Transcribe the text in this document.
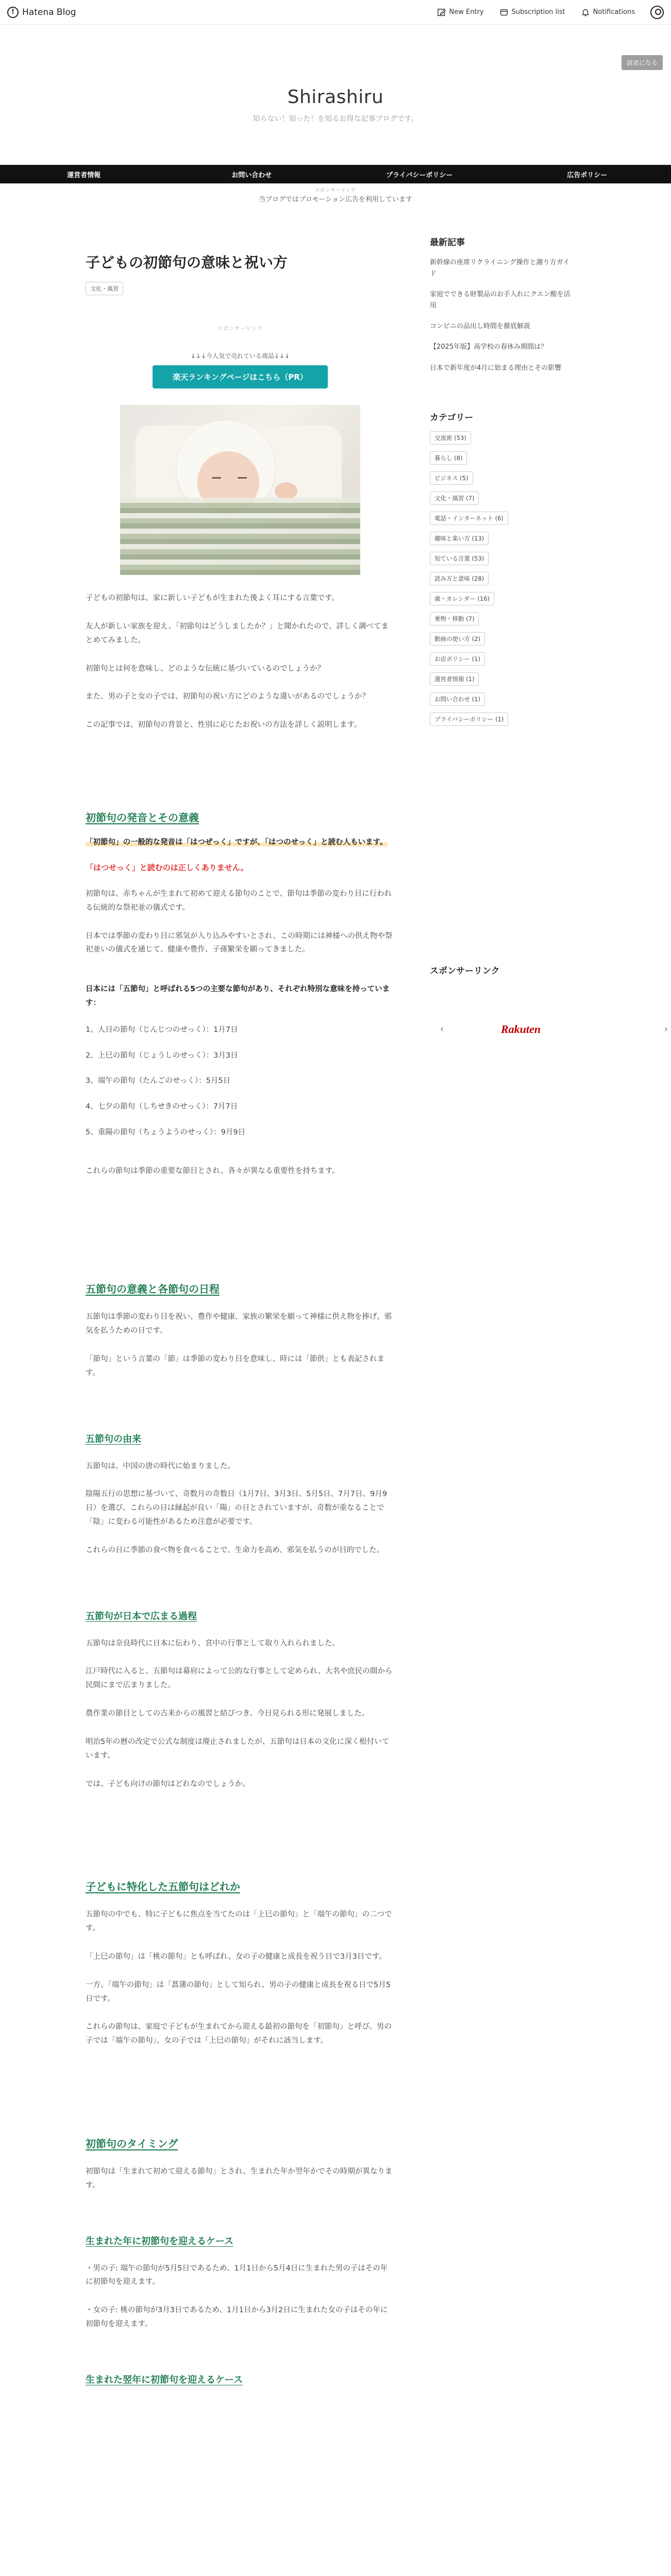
! Hatena Blog	New Entry	Subscription list	Notifications
読者になる
Shirashiru
知らない！知った！を知るお得な記事ブログです。
運営者情報	お問い合わせ	プライバシーポリシー	広告ポリシー
スポンサーリンク
当ブログではプロモーション広告を利用しています
子どもの初節句の意味と祝い方
文化・風習
スポンサーリンク
↓↓↓今人気で売れている商品↓↓↓
楽天ランキングページはこちら（PR）

子どもの初節句は、家に新しい子どもが生まれた後よく耳にする言葉です。

友人が新しい家族を迎え、「初節句はどうしましたか？」と聞かれたので、詳しく調べてまとめてみました。

初節句とは何を意味し、どのような伝統に基づいているのでしょうか？

また、男の子と女の子では、初節句の祝い方にどのような違いがあるのでしょうか？

この記事では、初節句の背景と、性別に応じたお祝いの方法を詳しく説明します。

初節句の発音とその意義
「初節句」の一般的な発音は「はつぜっく」ですが、「はつのせっく」と読む人もいます。

「はつせっく」と読むのは正しくありません。

初節句は、赤ちゃんが生まれて初めて迎える節句のことで、節句は季節の変わり目に行われる伝統的な祭祀並の儀式です。

日本では季節の変わり目に邪気が入り込みやすいとされ、この時期には神様への供え物や祭祀並いの儀式を通じて、健康や豊作、子孫繁栄を願ってきました。

日本には「五節句」と呼ばれる5つの主要な節句があり、それぞれ特別な意味を持っています：

1、人日の節句（じんじつのせっく）：1月7日

2、上巳の節句（じょうしのせっく）：3月3日

3、端午の節句（たんごのせっく）：5月5日

4、七夕の節句（しちせきのせっく）：7月7日

5、重陽の節句（ちょうようのせっく）：9月9日

これらの節句は季節の重要な節目とされ、各々が異なる重要性を持ちます。

五節句の意義と各節句の日程

五節句は季節の変わり目を祝い、豊作や健康、家族の繁栄を願って神様に供え物を捧げ、邪気を払うための日です。

「節句」という言葉の「節」は季節の変わり目を意味し、時には「節供」とも表記されます。

五節句の由来

五節句は、中国の唐の時代に始まりました。

陰陽五行の思想に基づいて、奇数月の奇数日（1月7日、3月3日、5月5日、7月7日、9月9日）を選び、これらの日は縁起が良い「陽」の日とされていますが、奇数が重なることで「陰」に変わる可能性があるため注意が必要です。

これらの日に季節の食べ物を食べることで、生命力を高め、邪気を払うのが目的でした。

五節句が日本で広まる過程

五節句は奈良時代に日本に伝わり、宮中の行事として取り入れられました。

江戸時代に入ると、五節句は幕府によって公的な行事として定められ、大名や庶民の間から民間にまで広まりました。

農作業の節目としての古来からの風習と結びつき、今日見られる形に発展しました。

明治5年の暦の改定で公式な制度は廃止されましたが、五節句は日本の文化に深く根付いています。

では、子ども向けの節句はどれなのでしょうか。

子どもに特化した五節句はどれか

五節句の中でも、特に子どもに焦点を当てたのは「上巳の節句」と「端午の節句」の二つです。

「上巳の節句」は「桃の節句」とも呼ばれ、女の子の健康と成長を祝う日で3月3日です。

一方、「端午の節句」は「菖蒲の節句」として知られ、男の子の健康と成長を祝る日で5月5日です。

これらの節句は、家庭で子どもが生まれてから迎える最初の節句を「初節句」と呼び、男の子では「端午の節句」、女の子では「上巳の節句」がそれに該当します。

初節句のタイミング

初節句は「生まれて初めて迎える節句」とされ、生まれた年か翌年かでその時期が異なります。

生まれた年に初節句を迎えるケース

・男の子: 端午の節句が5月5日であるため、1月1日から5月4日に生まれた男の子はその年に初節句を迎えます。

・女の子: 桃の節句が3月3日であるため、1月1日から3月2日に生まれた女の子はその年に初節句を迎えます。

生まれた翌年に初節句を迎えるケース
最新記事
新幹線の座席リクライニング操作と謝り方ガイド
家庭でできる財製品のお手入れにクエン酸を活用
コンビニの品出し時間を徹底解説
【2025年版】高学校の春休み期間は？
日本で新年度が4月に始まる理由とその影響
カテゴリー
交流術 (53)
暮らし (8)
ビジネス (5)
文化・風習 (7)
電話・インターネット (6)
趣味と楽い方 (13)
知ている言葉 (53)
読み方と意味 (28)
歳・カレンダー (16)
乗物・移動 (7)
動画の使い方 (2)
お店ポリシー (1)
運営者情報 (1)
お問い合わせ (1)
プライバシーポリシー (1)
スポンサーリンク
‹	Rakuten	›
